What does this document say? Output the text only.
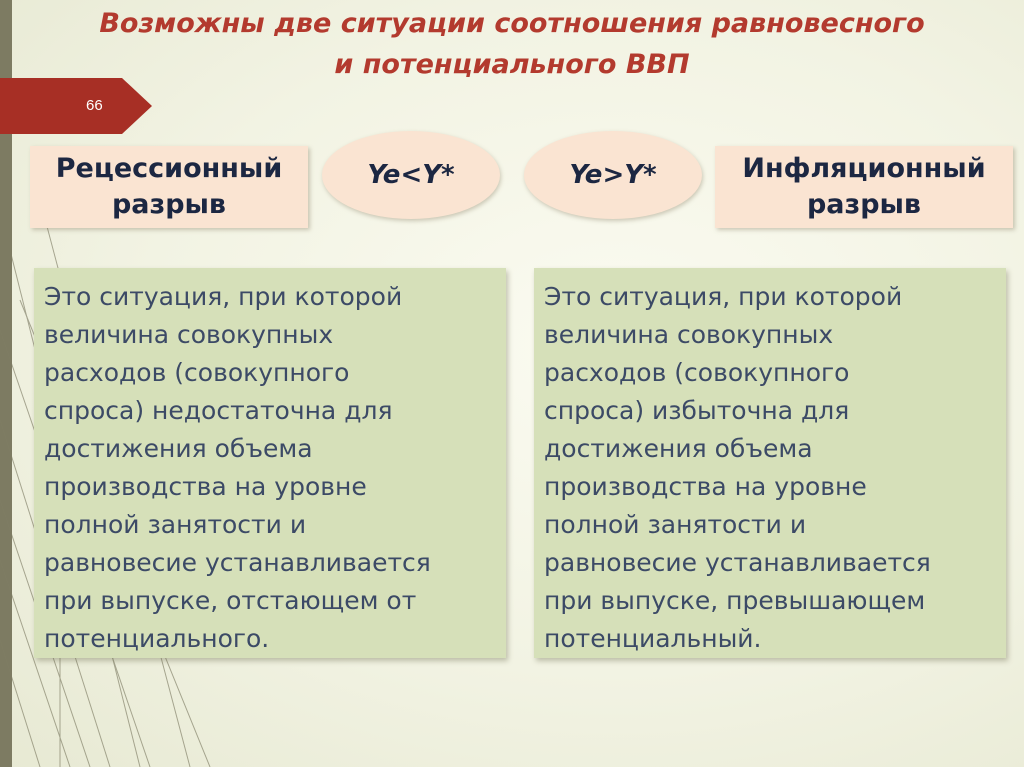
Возможны две ситуации соотношения равновесного
и потенциального ВВП
66
Рецессионный
разрыв
Ye<Y*	Ye>Y*	Инфляционный
разрыв
Это ситуация, при которой
величина совокупных
расходов (совокупного
спроса) недостаточна для
достижения объема
производства на уровне
полной занятости и
равновесие устанавливается
при выпуске, отстающем от
потенциального.
Это ситуация, при которой
величина совокупных
расходов (совокупного
спроса) избыточна для
достижения объема
производства на уровне
полной занятости и
равновесие устанавливается
при выпуске, превышающем
потенциальный.
